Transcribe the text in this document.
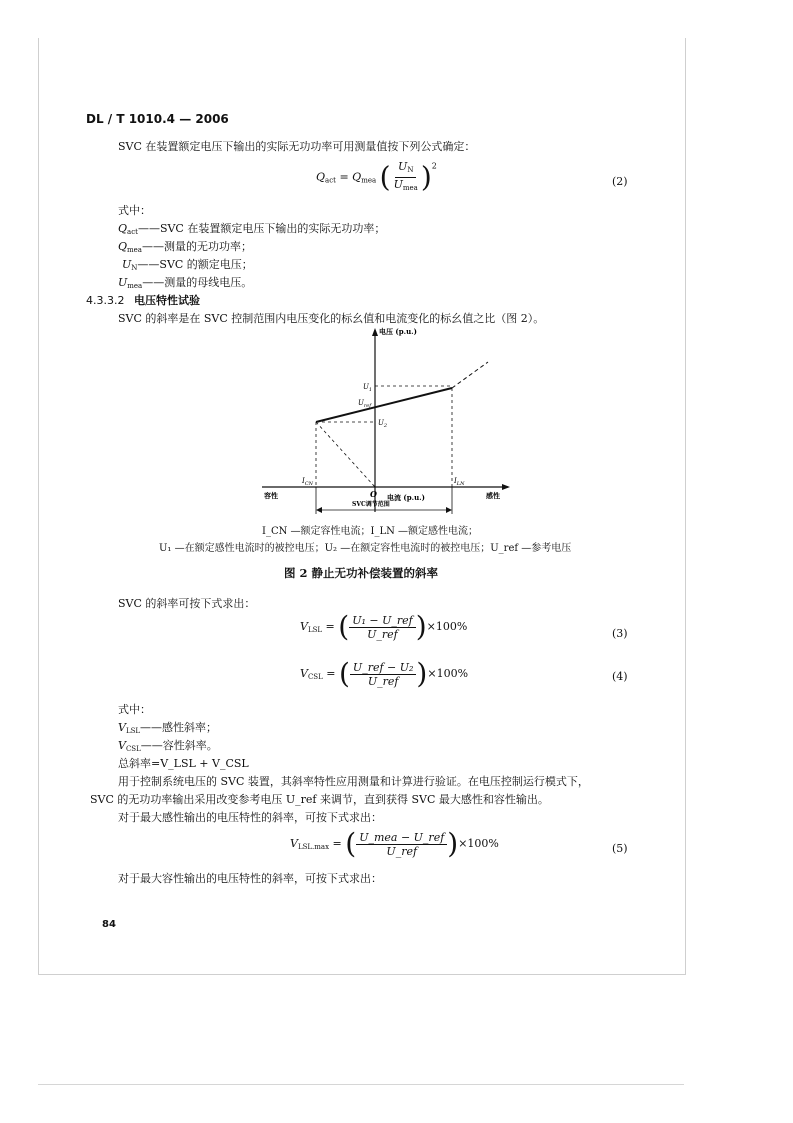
DL / T 1010.4 — 2006
SVC 在装置额定电压下输出的实际无功功率可用测量值按下列公式确定：
$Q_{act} = Q_{mea}$ ( $\frac{U_N}{U_{mea}} )^2$
(2)
式中：
$Q_{act}——SVC$ 在装置额定电压下输出的实际无功功率；
$Q_{mea}——$测量的无功功率；
$U_N——SVC$ 的额定电压；
$U_{mea}——$测量的母线电压。
4.3.3.2 电压特性试验
SVC 的斜率是在 SVC 控制范围内电压变化的标幺值和电流变化的标幺值之比（图 2）。
电压 (p.u.)
$U_1$
$U_{ref}$
$U_2$
$I_{CN}$	$I_{LN}$
O 电流 (p.u.)
容性	感性
SVC调节范围
I_CN —额定容性电流；I_LN —额定感性电流；
U₁ —在额定感性电流时的被控电压；U₂ —在额定容性电流时的被控电压；U_ref —参考电压
图 2 静止无功补偿装置的斜率
SVC 的斜率可按下式求出：
$V_{LSL}$ = ( $\frac{\text{U₁ − U\_ref}}{\text{U\_ref}} )\times 100\%$
(3)
$V_{CSL}$ = ( $\frac{\text{U\_ref − U₂}}{\text{U\_ref}} )\times 100\%$	(4)
式中：
$V_{LSL}——$感性斜率；
$V_{CSL}——$容性斜率。
总斜率=V_LSL + V_CSL
用于控制系统电压的 SVC 装置，其斜率特性应用测量和计算进行验证。在电压控制运行模式下，
SVC 的无功功率输出采用改变参考电压 U_ref 来调节，直到获得 SVC 最大感性和容性输出。
对于最大感性输出的电压特性的斜率，可按下式求出：
$V_{LSL.max}$ = ( $\frac{\text{U\_mea − U\_ref}}{\text{U\_ref}} )\times 100\%$	(5)
对于最大容性输出的电压特性的斜率，可按下式求出：
84
